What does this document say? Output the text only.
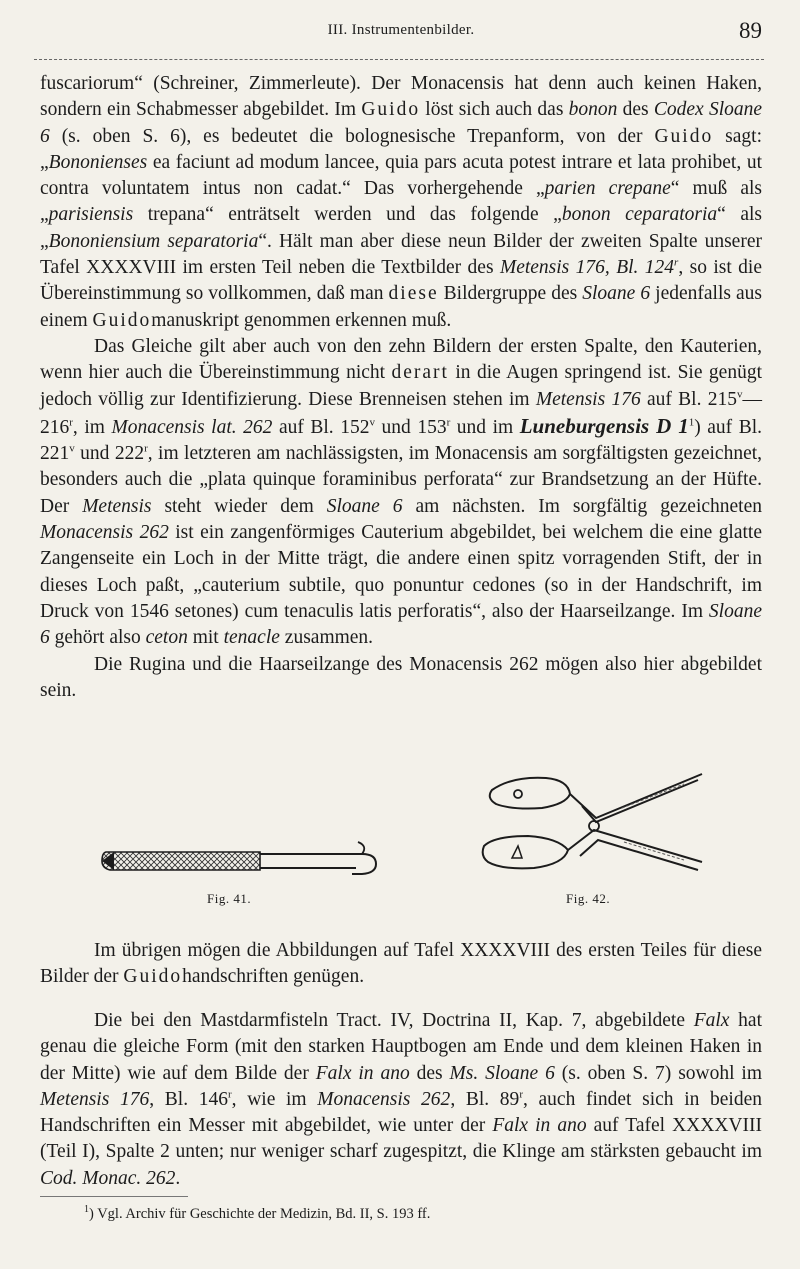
III. Instrumentenbilder.	89

fuscariorum“ (Schreiner, Zimmerleute). Der Monacensis hat denn auch keinen Haken, sondern ein Schabmesser abgebildet. Im Guido löst sich auch das bonon des Codex Sloane 6 (s. oben S. 6), es bedeutet die bolognesische Trepanform, von der Guido sagt: „Bononienses ea faciunt ad modum lancee, quia pars acuta potest intrare et lata prohibet, ut contra voluntatem intus non cadat.“ Das vorhergehende „parien crepane“ muß als „parisiensis trepana“ enträtselt werden und das folgende „bonon ceparatoria“ als „Bononiensium separatoria“. Hält man aber diese neun Bilder der zweiten Spalte unserer Tafel XXXXVIII im ersten Teil neben die Textbilder des Metensis 176, Bl. 124$^r$, so ist die Übereinstimmung so vollkommen, daß man diese Bildergruppe des Sloane 6 jedenfalls aus einem Guidomanuskript genommen erkennen muß.

Das Gleiche gilt aber auch von den zehn Bildern der ersten Spalte, den Kauterien, wenn hier auch die Übereinstimmung nicht derart in die Augen springend ist. Sie genügt jedoch völlig zur Identifizierung. Diese Brenneisen stehen im Metensis 176 auf Bl. 215$^v$—216$^r$, im Monacensis lat. 262 auf Bl. 152$^v$ und 153$^r$ und im Luneburgensis D $1^1$) auf Bl. 221$^v$ und 222$^r$, im letzteren am nachlässigsten, im Monacensis am sorgfältigsten gezeichnet, besonders auch die „plata quinque foraminibus perforata“ zur Brandsetzung an der Hüfte. Der Metensis steht wieder dem Sloane 6 am nächsten. Im sorgfältig gezeichneten Monacensis 262 ist ein zangenförmiges Cauterium abgebildet, bei welchem die eine glatte Zangenseite ein Loch in der Mitte trägt, die andere einen spitz vorragenden Stift, der in dieses Loch paßt, „cauterium subtile, quo ponuntur cedones (so in der Handschrift, im Druck von 1546 setones) cum tenaculis latis perforatis“, also der Haarseilzange. Im Sloane 6 gehört also ceton mit tenacle zusammen.

Die Rugina und die Haarseilzange des Monacensis 262 mögen also hier abgebildet sein.

Fig. 41.	Fig. 42.

Im übrigen mögen die Abbildungen auf Tafel XXXXVIII des ersten Teiles für diese Bilder der Guidohandschriften genügen.

Die bei den Mastdarmfisteln Tract. IV, Doctrina II, Kap. 7, abgebildete Falx hat genau die gleiche Form (mit den starken Hauptbogen am Ende und dem kleinen Haken in der Mitte) wie auf dem Bilde der Falx in ano des Ms. Sloane 6 (s. oben S. 7) sowohl im Metensis 176, Bl. 146$^r$, wie im Monacensis 262, Bl. 89$^r$, auch findet sich in beiden Handschriften ein Messer mit abgebildet, wie unter der Falx in ano auf Tafel XXXXVIII (Teil I), Spalte 2 unten; nur weniger scharf zugespitzt, die Klinge am stärksten gebaucht im Cod. Monac. 262.

$^1$) Vgl. Archiv für Geschichte der Medizin, Bd. II, S. 193 ff.
